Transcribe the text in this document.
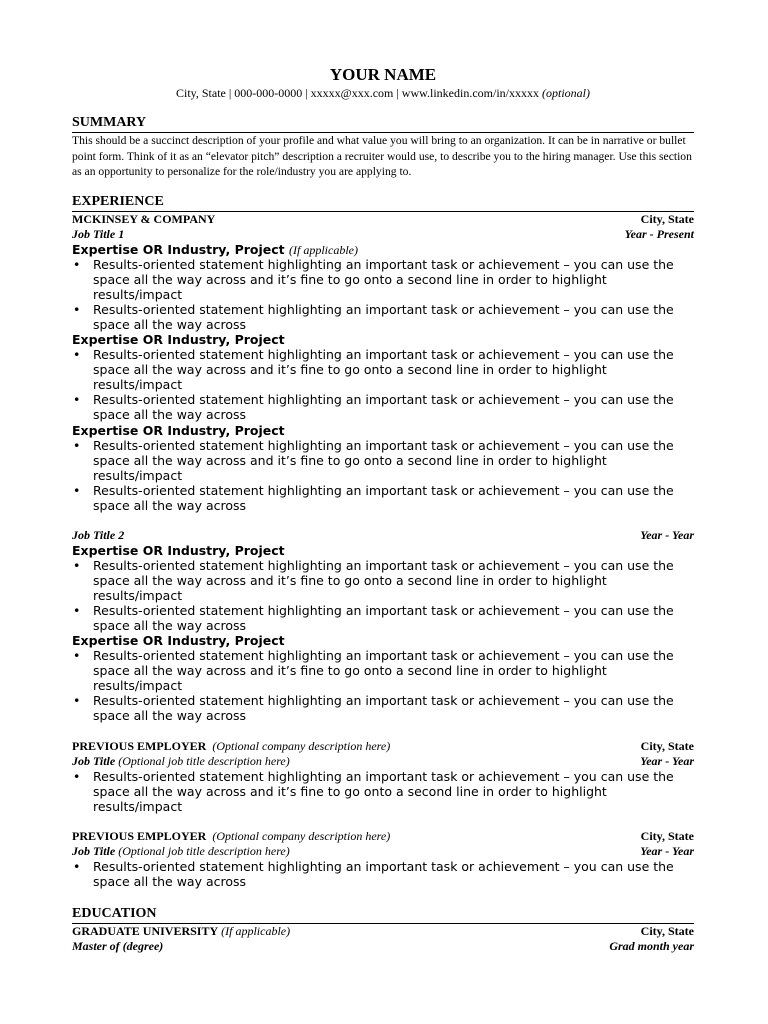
YOUR NAME
City, State | 000-000-0000 | xxxxx@xxx.com | www.linkedin.com/in/xxxxx (optional)
SUMMARY
This should be a succinct description of your profile and what value you will bring to an organization. It can be in narrative or bullet point form. Think of it as an “elevator pitch” description a recruiter would use, to describe you to the hiring manager. Use this section as an opportunity to personalize for the role/industry you are applying to.
EXPERIENCE
MCKINSEY & COMPANY	City, State
Job Title 1	Year - Present
Expertise OR Industry, Project (If applicable)
• Results-oriented statement highlighting an important task or achievement – you can use the space all the way across and it’s fine to go onto a second line in order to highlight results/impact
• Results-oriented statement highlighting an important task or achievement – you can use the space all the way across
Expertise OR Industry, Project
• Results-oriented statement highlighting an important task or achievement – you can use the space all the way across and it’s fine to go onto a second line in order to highlight results/impact
• Results-oriented statement highlighting an important task or achievement – you can use the space all the way across
Expertise OR Industry, Project
• Results-oriented statement highlighting an important task or achievement – you can use the space all the way across and it’s fine to go onto a second line in order to highlight results/impact
• Results-oriented statement highlighting an important task or achievement – you can use the space all the way across
Job Title 2	Year - Year
Expertise OR Industry, Project
• Results-oriented statement highlighting an important task or achievement – you can use the space all the way across and it’s fine to go onto a second line in order to highlight results/impact
• Results-oriented statement highlighting an important task or achievement – you can use the space all the way across
Expertise OR Industry, Project
• Results-oriented statement highlighting an important task or achievement – you can use the space all the way across and it’s fine to go onto a second line in order to highlight results/impact
• Results-oriented statement highlighting an important task or achievement – you can use the space all the way across
PREVIOUS EMPLOYER (Optional company description here)	City, State
Job Title (Optional job title description here)	Year - Year
• Results-oriented statement highlighting an important task or achievement – you can use the space all the way across and it’s fine to go onto a second line in order to highlight results/impact
PREVIOUS EMPLOYER (Optional company description here)	City, State
Job Title (Optional job title description here)	Year - Year
• Results-oriented statement highlighting an important task or achievement – you can use the space all the way across
EDUCATION
GRADUATE UNIVERSITY (If applicable)	City, State
Master of (degree)	Grad month year
